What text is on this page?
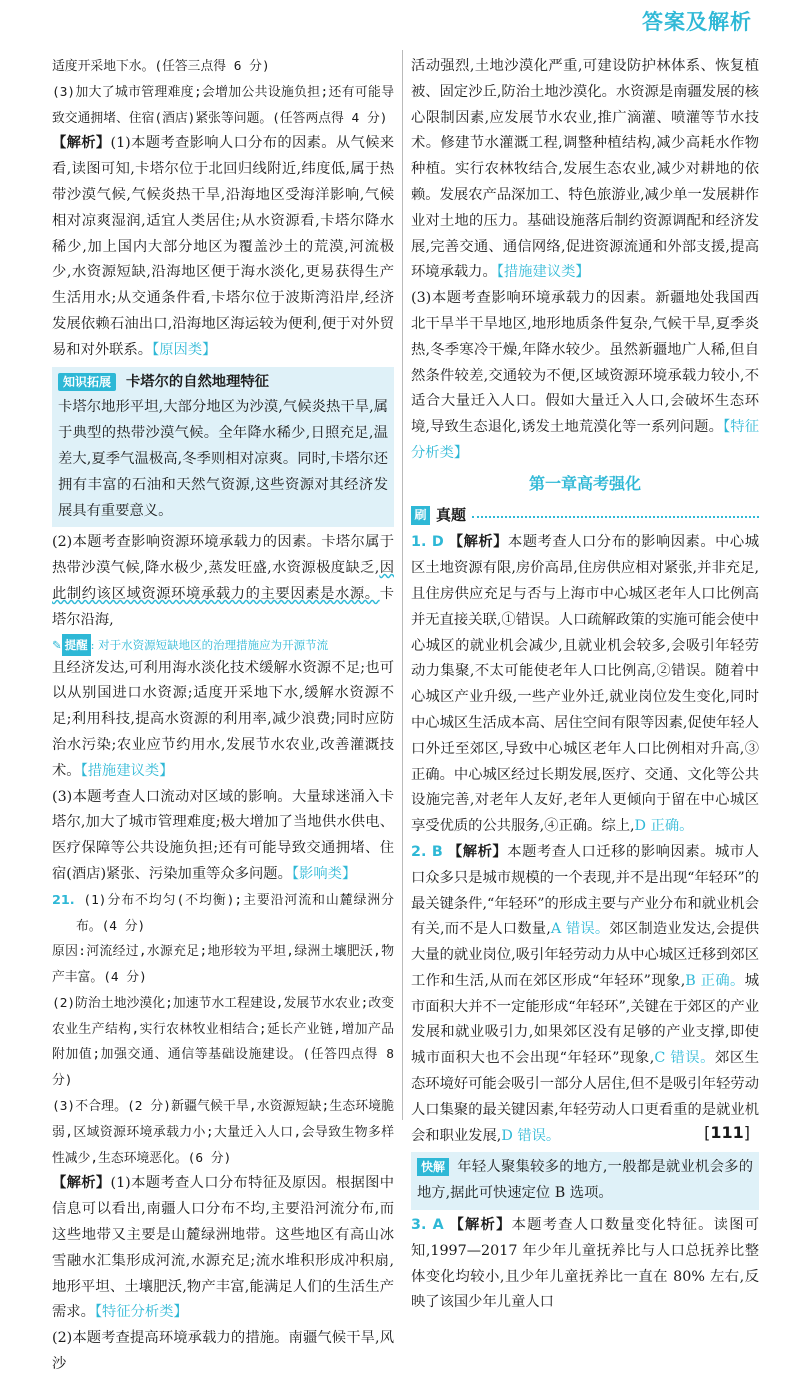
答案及解析

适度开采地下水。(任答三点得 6 分)

(3)加大了城市管理难度;会增加公共设施负担;还有可能导致交通拥堵、住宿(酒店)紧张等问题。(任答两点得 4 分)

【解析】(1)本题考查影响人口分布的因素。从气候来看,读图可知,卡塔尔位于北回归线附近,纬度低,属于热带沙漠气候,气候炎热干旱,沿海地区受海洋影响,气候相对凉爽湿润,适宜人类居住;从水资源看,卡塔尔降水稀少,加上国内大部分地区为覆盖沙土的荒漠,河流极少,水资源短缺,沿海地区便于海水淡化,更易获得生产生活用水;从交通条件看,卡塔尔位于波斯湾沿岸,经济发展依赖石油出口,沿海地区海运较为便利,便于对外贸易和对外联系。【原因类】

知识拓展	卡塔尔的自然地理特征

卡塔尔地形平坦,大部分地区为沙漠,气候炎热干旱,属于典型的热带沙漠气候。全年降水稀少,日照充足,温差大,夏季气温极高,冬季则相对凉爽。同时,卡塔尔还拥有丰富的石油和天然气资源,这些资源对其经济发展具有重要意义。

(2)本题考查影响资源环境承载力的因素。卡塔尔属于热带沙漠气候,降水极少,蒸发旺盛,水资源极度缺乏,因此制约该区域资源环境承载力的主要因素是水源。卡塔尔沿海,

✎ 提醒 : 对于水资源短缺地区的治理措施应为开源节流

且经济发达,可利用海水淡化技术缓解水资源不足;也可以从别国进口水资源;适度开采地下水,缓解水资源不足;利用科技,提高水资源的利用率,减少浪费;同时应防治水污染;农业应节约用水,发展节水农业,改善灌溉技术。【措施建议类】

(3)本题考查人口流动对区域的影响。大量球迷涌入卡塔尔,加大了城市管理难度;极大增加了当地供水供电、医疗保障等公共设施负担;还有可能导致交通拥堵、住宿(酒店)紧张、污染加重等众多问题。【影响类】

21. (1)分布不均匀(不均衡);主要沿河流和山麓绿洲分布。(4 分)

原因:河流经过,水源充足;地形较为平坦,绿洲土壤肥沃,物产丰富。(4 分)

(2)防治土地沙漠化;加速节水工程建设,发展节水农业;改变农业生产结构,实行农林牧业相结合;延长产业链,增加产品附加值;加强交通、通信等基础设施建设。(任答四点得 8 分)

(3)不合理。(2 分)新疆气候干旱,水资源短缺;生态环境脆弱,区域资源环境承载力小;大量迁入人口,会导致生物多样性减少,生态环境恶化。(6 分)

【解析】(1)本题考查人口分布特征及原因。根据图中信息可以看出,南疆人口分布不均,主要沿河流分布,而这些地带又主要是山麓绿洲地带。这些地区有高山冰雪融水汇集形成河流,水源充足;流水堆积形成冲积扇,地形平坦、土壤肥沃,物产丰富,能满足人们的生活生产需求。【特征分析类】

(2)本题考查提高环境承载力的措施。南疆气候干旱,风沙

活动强烈,土地沙漠化严重,可建设防护林体系、恢复植被、固定沙丘,防治土地沙漠化。水资源是南疆发展的核心限制因素,应发展节水农业,推广滴灌、喷灌等节水技术。修建节水灌溉工程,调整种植结构,减少高耗水作物种植。实行农林牧结合,发展生态农业,减少对耕地的依赖。发展农产品深加工、特色旅游业,减少单一发展耕作业对土地的压力。基础设施落后制约资源调配和经济发展,完善交通、通信网络,促进资源流通和外部支援,提高环境承载力。【措施建议类】

(3)本题考查影响环境承载力的因素。新疆地处我国西北干旱半干旱地区,地形地质条件复杂,气候干旱,夏季炎热,冬季寒冷干燥,年降水较少。虽然新疆地广人稀,但自然条件较差,交通较为不便,区域资源环境承载力较小,不适合大量迁入人口。假如大量迁入人口,会破坏生态环境,导致生态退化,诱发土地荒漠化等一系列问题。【特征分析类】

第一章高考强化
刷 真题

1. D 【解析】本题考查人口分布的影响因素。中心城区土地资源有限,房价高昂,住房供应相对紧张,并非充足,且住房供应充足与否与上海市中心城区老年人口比例高并无直接关联,①错误。人口疏解政策的实施可能会使中心城区的就业机会减少,且就业机会较多,会吸引年轻劳动力集聚,不太可能使老年人口比例高,②错误。随着中心城区产业升级,一些产业外迁,就业岗位发生变化,同时中心城区生活成本高、居住空间有限等因素,促使年轻人口外迁至郊区,导致中心城区老年人口比例相对升高,③正确。中心城区经过长期发展,医疗、交通、文化等公共设施完善,对老年人友好,老年人更倾向于留在中心城区享受优质的公共服务,④正确。综上,D 正确。

2. B 【解析】本题考查人口迁移的影响因素。城市人口众多只是城市规模的一个表现,并不是出现“年轻环”的最关键条件,“年轻环”的形成主要与产业分布和就业机会有关,而不是人口数量,A 错误。郊区制造业发达,会提供大量的就业岗位,吸引年轻劳动力从中心城区迁移到郊区工作和生活,从而在郊区形成“年轻环”现象,B 正确。城市面积大并不一定能形成“年轻环”,关键在于郊区的产业发展和就业吸引力,如果郊区没有足够的产业支撑,即使城市面积大也不会出现“年轻环”现象,C 错误。郊区生态环境好可能会吸引一部分人居住,但不是吸引年轻劳动人口集聚的最关键因素,年轻劳动人口更看重的是就业机会和职业发展,D 错误。

快解 年轻人聚集较多的地方,一般都是就业机会多的地方,据此可快速定位 B 选项。

3. A 【解析】本题考查人口数量变化特征。读图可知,1997—2017 年少年儿童抚养比与人口总抚养比整体变化均较小,且少年儿童抚养比一直在 80% 左右,反映了该国少年儿童人口

[ 111 ]
